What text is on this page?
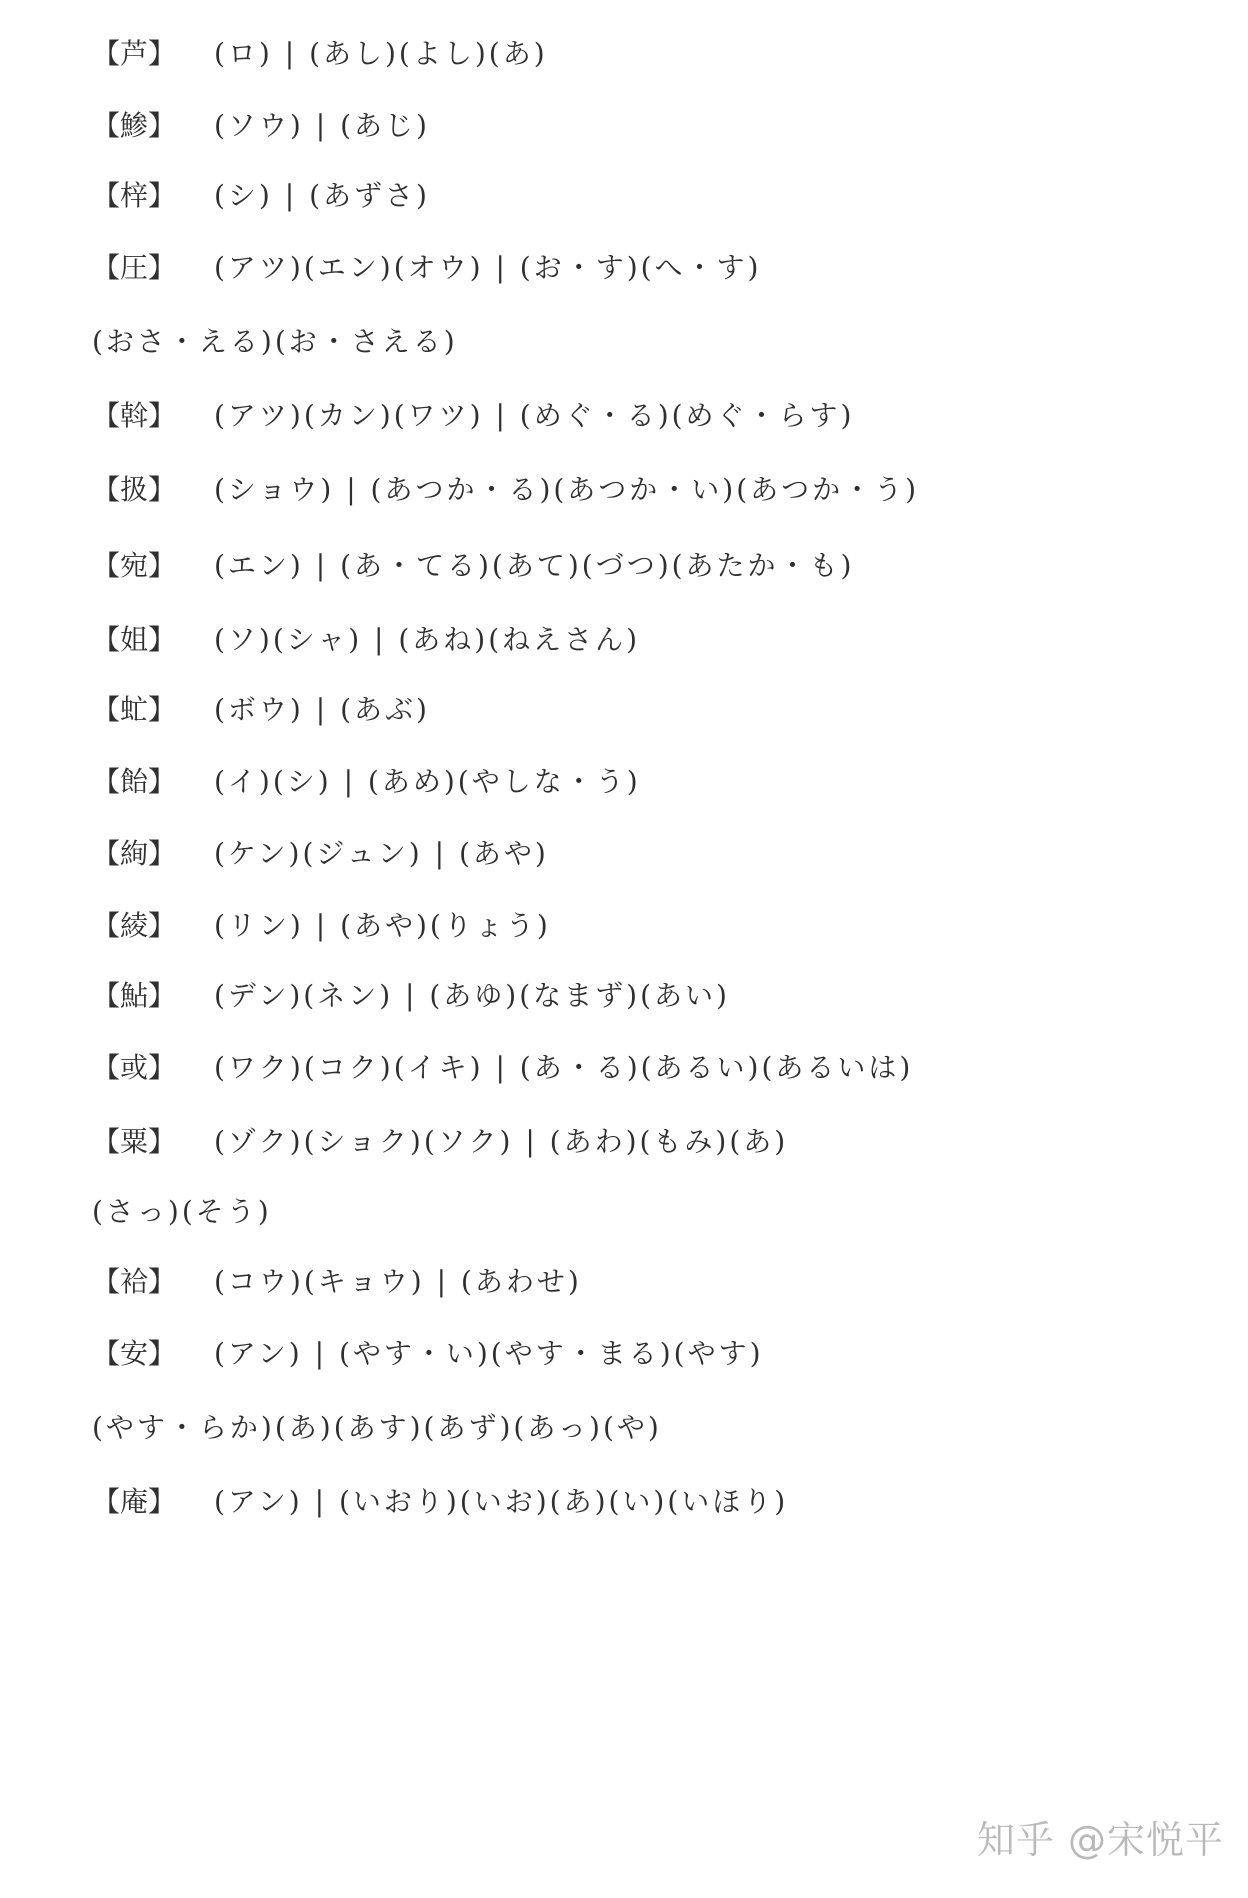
【芦】	(ロ) | (あし)(よし)(あ)
【鯵】	(ソウ) | (あじ)
【梓】	(シ) | (あずさ)
【圧】	(アツ)(エン)(オウ) | (お・す)(へ・す)
(おさ・える)(お・さえる)
【斡】	(アツ)(カン)(ワツ) | (めぐ・る)(めぐ・らす)
【扱】	(ショウ) | (あつか・る)(あつか・い)(あつか・う)
【宛】	(エン) | (あ・てる)(あて)(づつ)(あたか・も)
【姐】	(ソ)(シャ) | (あね)(ねえさん)
【虻】	(ボウ) | (あぶ)
【飴】	(イ)(シ) | (あめ)(やしな・う)
【絢】	(ケン)(ジュン) | (あや)
【綾】	(リン) | (あや)(りょう)
【鮎】	(デン)(ネン) | (あゆ)(なまず)(あい)
【或】	(ワク)(コク)(イキ) | (あ・る)(あるい)(あるいは)
【粟】	(ゾク)(ショク)(ソク) | (あわ)(もみ)(あ)
(さっ)(そう)
【袷】	(コウ)(キョウ) | (あわせ)
【安】	(アン) | (やす・い)(やす・まる)(やす)
(やす・らか)(あ)(あす)(あず)(あっ)(や)
【庵】	(アン) | (いおり)(いお)(あ)(い)(いほり)
知乎 @宋悦平
